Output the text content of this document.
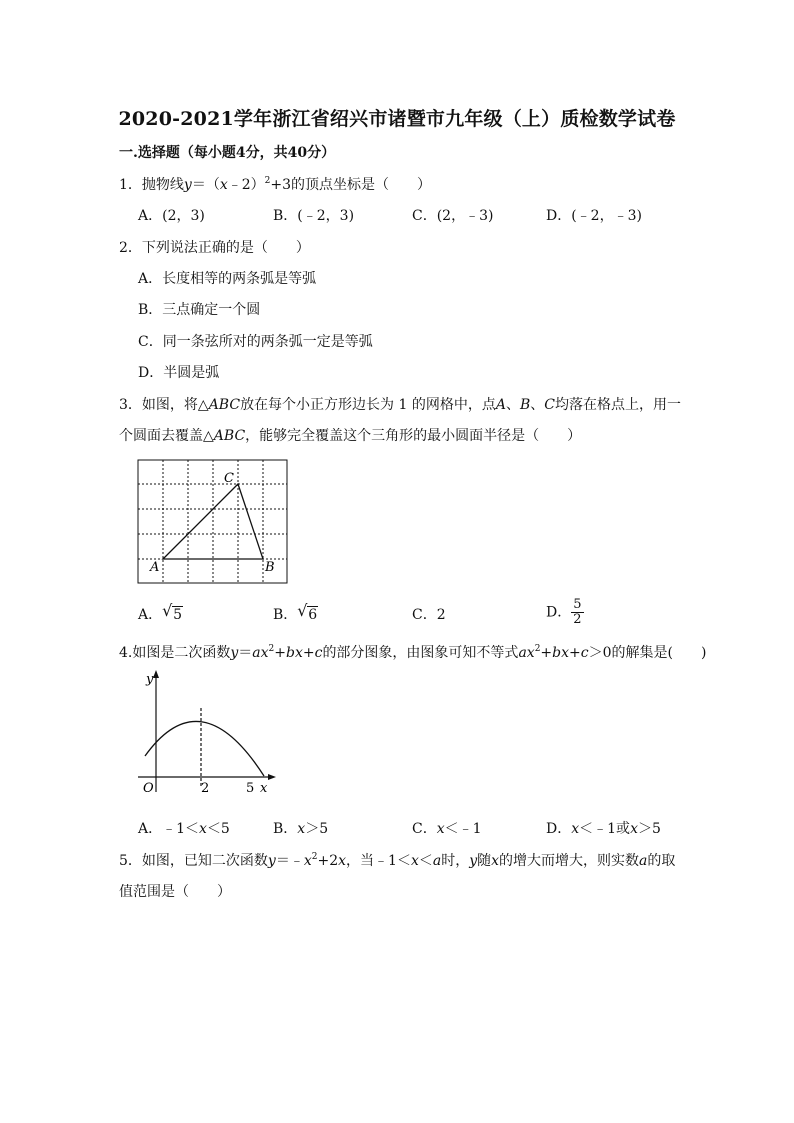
2020-2021学年浙江省绍兴市诸暨市九年级（上）质检数学试卷
一.选择题（每小题4分，共40分）
1．抛物线y＝（x﹣2）$^2$+3的顶点坐标是（　　）
A．(2，3)	B．(﹣2，3)	C．(2，﹣3)	D．(﹣2，﹣3)
2．下列说法正确的是（　　）
A．长度相等的两条弧是等弧
B．三点确定一个圆
C．同一条弦所对的两条弧一定是等弧
D．半圆是弧
3．如图，将△ABC放在每个小正方形边长为 1 的网格中，点A、B、C均落在格点上，用一
个圆面去覆盖△ABC，能够完全覆盖这个三角形的最小圆面半径是（　　）
A	B
C
A． √ 5	B． √ 6	C．2	D． $\frac{5}{2}$
4.如图是二次函数$y=ax^2+bx+c$的部分图象，由图象可知不等式$ax^2+bx+c>0$的解集是(　　)
y
x
O	2	5
A．﹣1＜x＜5	B．x＞5	C．x＜﹣1	D．x＜﹣1或x＞5
5．如图，已知二次函数$y=﹣x^2+2x$，当﹣1＜x＜a时，y随x的增大而增大，则实数a的取
值范围是（　　）
